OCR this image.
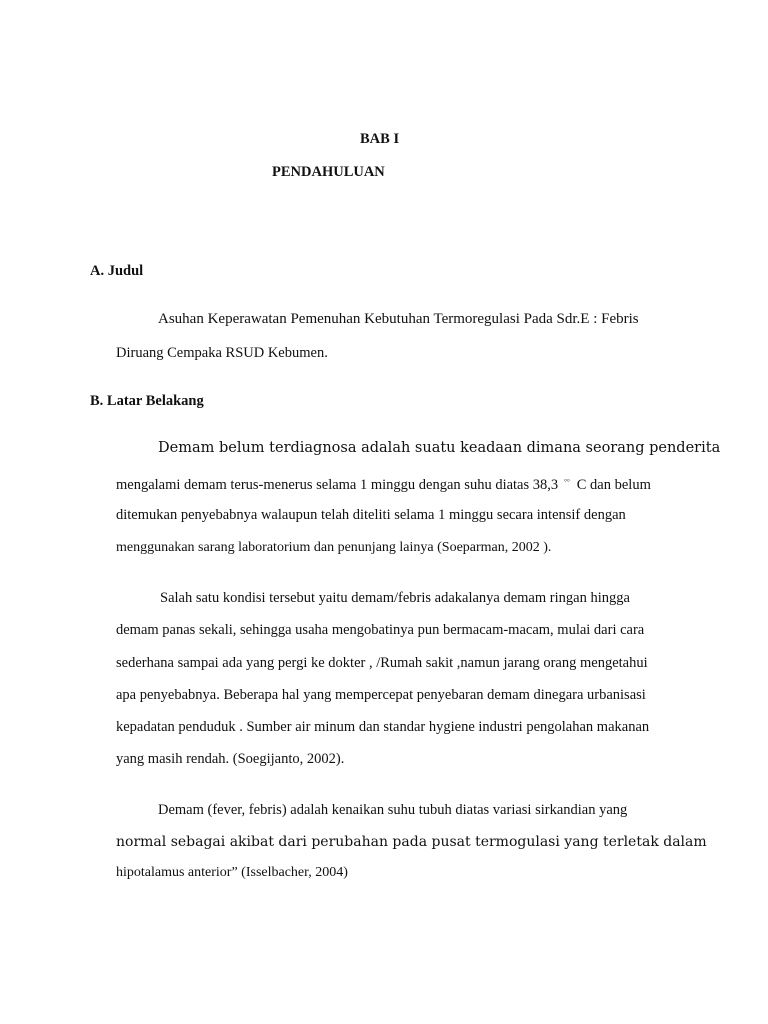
BAB I
PENDAHULUAN
A. Judul
Asuhan Keperawatan Pemenuhan Kebutuhan Termoregulasi Pada Sdr.E : Febris
Diruang Cempaka RSUD Kebumen.
B. Latar Belakang
Demam belum terdiagnosa adalah suatu keadaan dimana seorang penderita
mengalami demam terus-menerus selama 1 minggu dengan suhu diatas 38,3 °° C dan belum
ditemukan penyebabnya walaupun telah diteliti selama 1 minggu secara intensif dengan
menggunakan sarang laboratorium dan penunjang lainya (Soeparman, 2002 ).
Salah satu kondisi tersebut yaitu demam/febris adakalanya demam ringan hingga
demam panas sekali, sehingga usaha mengobatinya pun bermacam-macam, mulai dari cara
sederhana sampai ada yang pergi ke dokter , /Rumah sakit ,namun jarang orang mengetahui
apa penyebabnya. Beberapa hal yang mempercepat penyebaran demam dinegara urbanisasi
kepadatan penduduk . Sumber air minum dan standar hygiene industri pengolahan makanan
yang masih rendah. (Soegijanto, 2002).
Demam (fever, febris) adalah kenaikan suhu tubuh diatas variasi sirkandian yang
normal sebagai akibat dari perubahan pada pusat termogulasi yang terletak dalam
hipotalamus anterior” (Isselbacher, 2004)
